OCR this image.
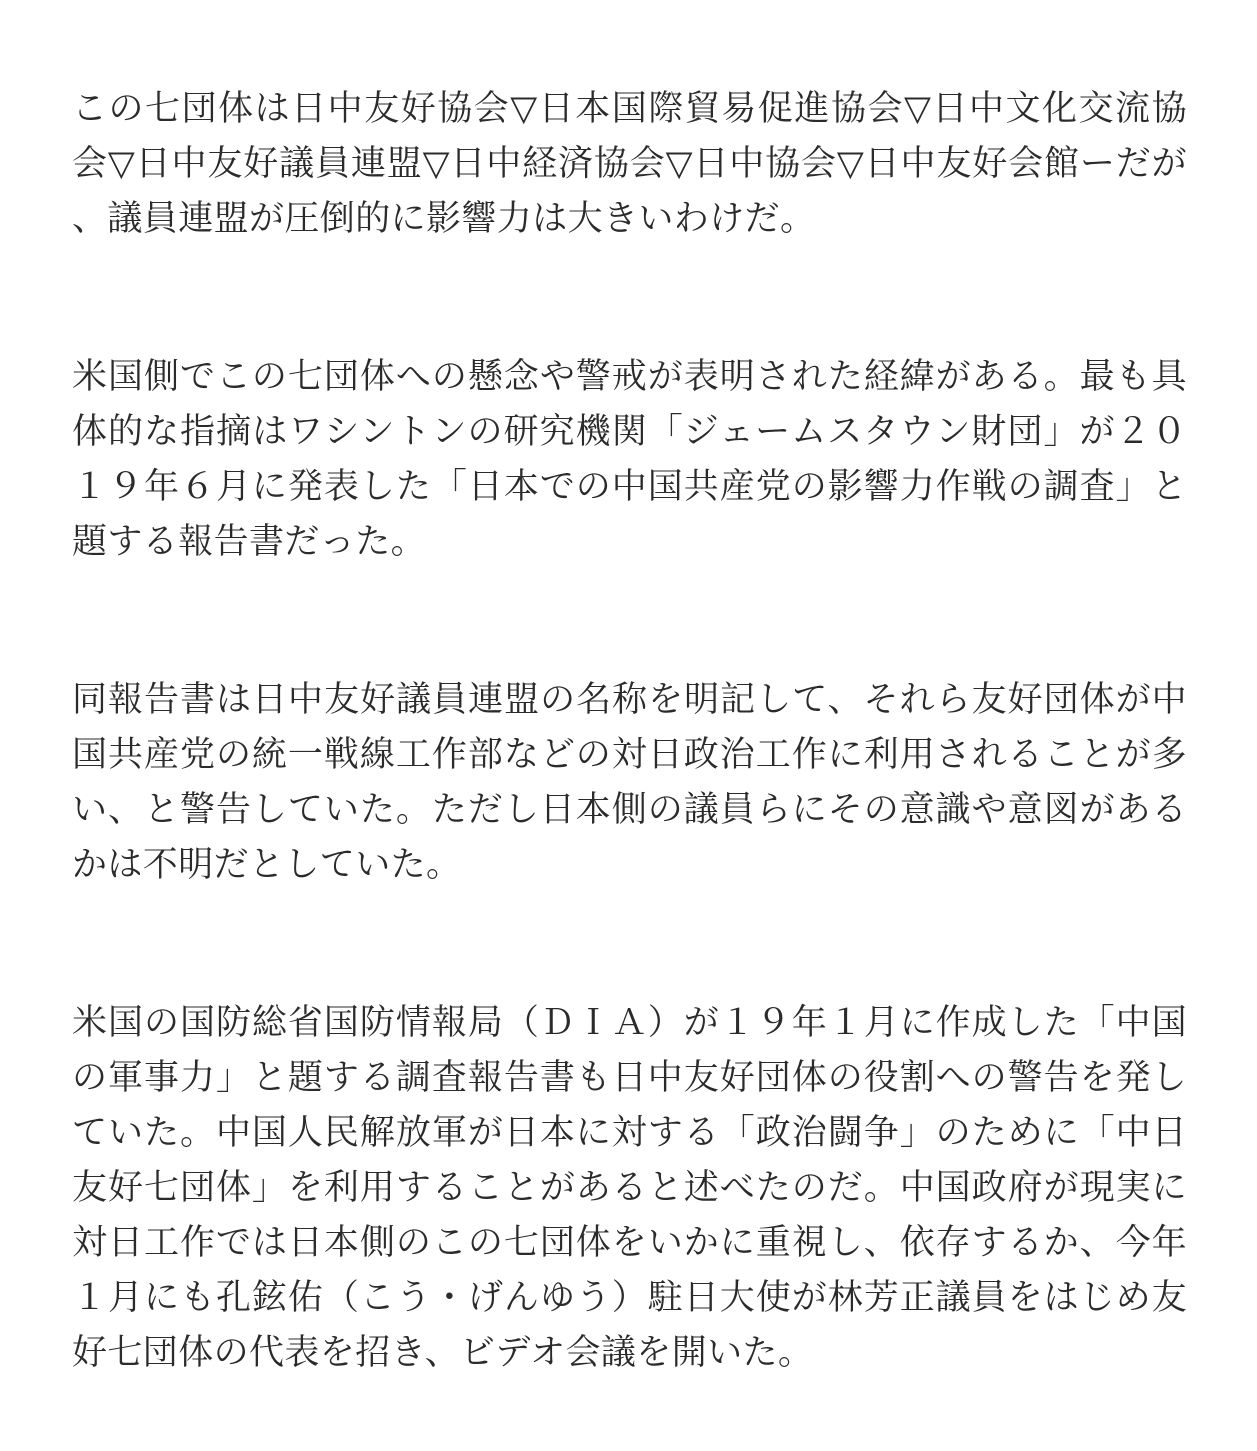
この七団体は日中友好協会▽日本国際貿易促進協会▽日中文化交流協会▽日中友好議員連盟▽日中経済協会▽日中協会▽日中友好会館ーだが、議員連盟が圧倒的に影響力は大きいわけだ。

米国側でこの七団体への懸念や警戒が表明された経緯がある。最も具体的な指摘はワシントンの研究機関「ジェームスタウン財団」が２０１９年６月に発表した「日本での中国共産党の影響力作戦の調査」と題する報告書だった。

同報告書は日中友好議員連盟の名称を明記して、それら友好団体が中国共産党の統一戦線工作部などの対日政治工作に利用されることが多い、と警告していた。ただし日本側の議員らにその意識や意図があるかは不明だとしていた。

米国の国防総省国防情報局（ＤＩＡ）が１９年１月に作成した「中国の軍事力」と題する調査報告書も日中友好団体の役割への警告を発していた。中国人民解放軍が日本に対する「政治闘争」のために「中日友好七団体」を利用することがあると述べたのだ。中国政府が現実に対日工作では日本側のこの七団体をいかに重視し、依存するか、今年１月にも孔鉉佑（こう・げんゆう）駐日大使が林芳正議員をはじめ友好七団体の代表を招き、ビデオ会議を開いた。
